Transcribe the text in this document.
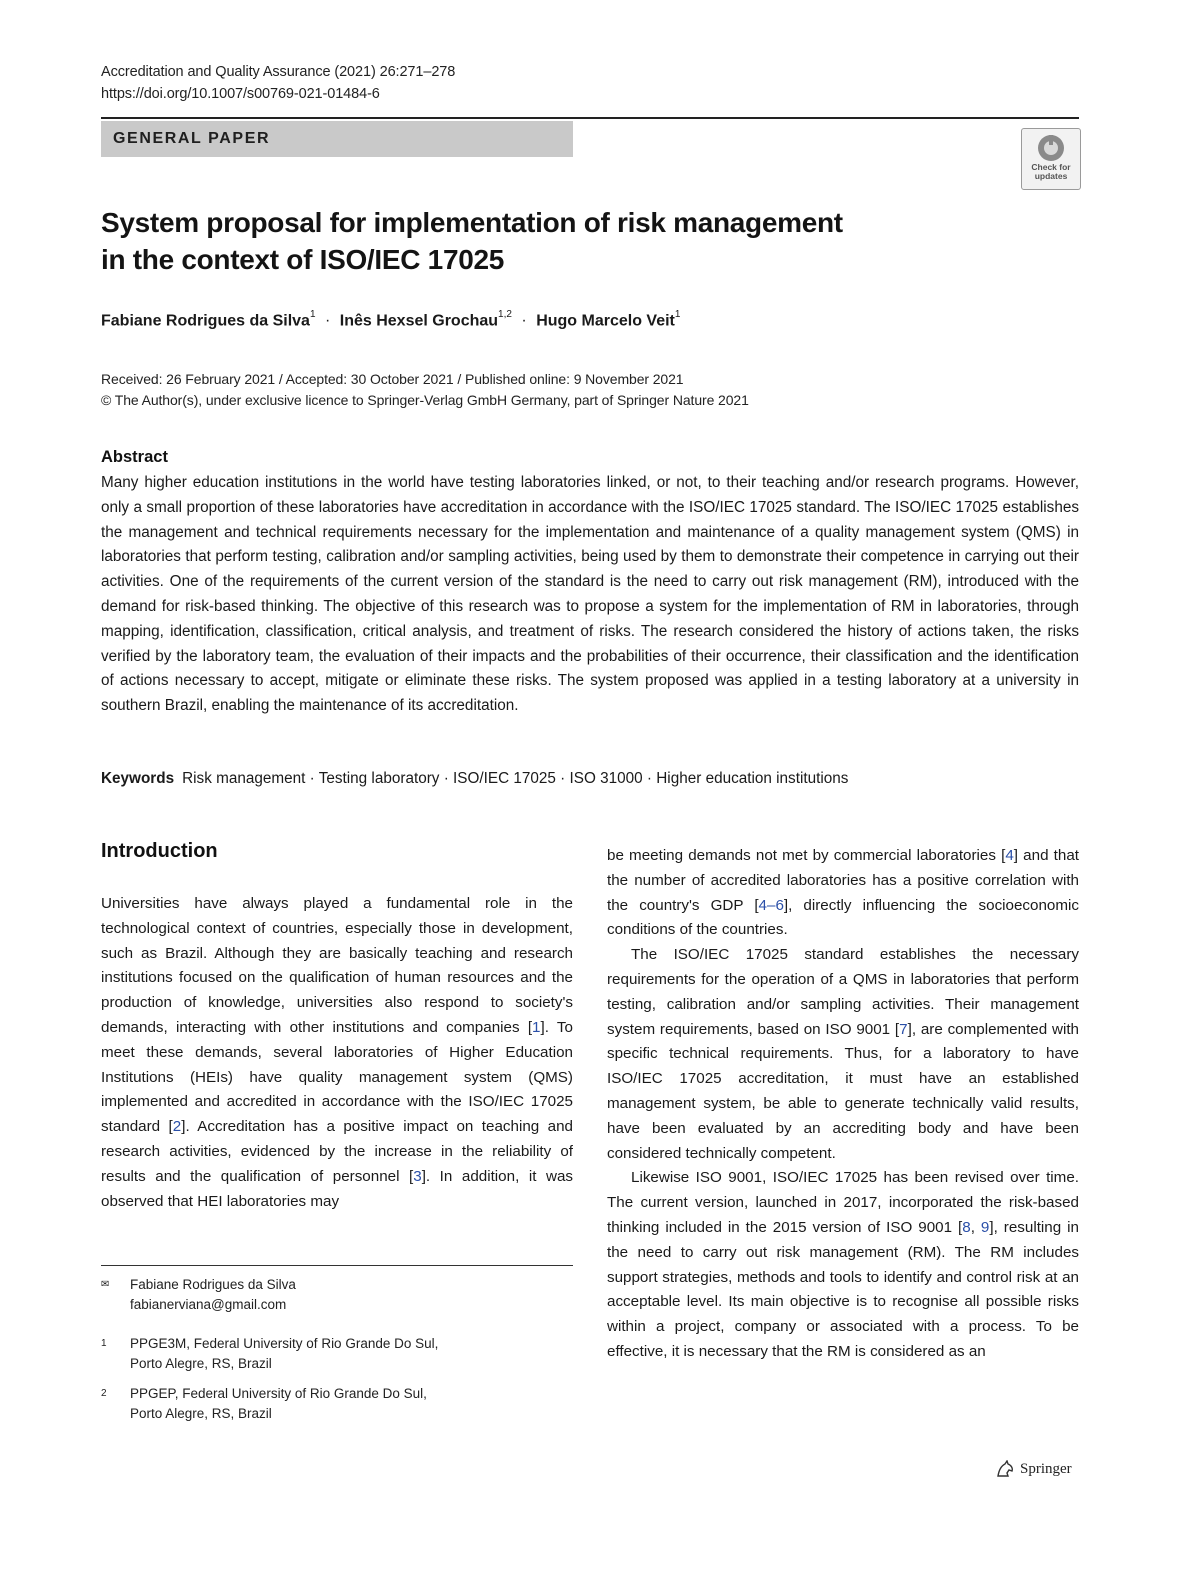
Accreditation and Quality Assurance (2021) 26:271–278
https://doi.org/10.1007/s00769-021-01484-6
GENERAL PAPER
Check for updates
System proposal for implementation of risk management in the context of ISO/IEC 17025
Fabiane Rodrigues da Silva$^1$ · Inês Hexsel Grochau$^{1,2}$ · Hugo Marcelo Veit$^1$
Received: 26 February 2021 / Accepted: 30 October 2021 / Published online: 9 November 2021
© The Author(s), under exclusive licence to Springer-Verlag GmbH Germany, part of Springer Nature 2021
Abstract

Many higher education institutions in the world have testing laboratories linked, or not, to their teaching and/or research programs. However, only a small proportion of these laboratories have accreditation in accordance with the ISO/IEC 17025 standard. The ISO/IEC 17025 establishes the management and technical requirements necessary for the implementation and maintenance of a quality management system (QMS) in laboratories that perform testing, calibration and/or sampling activities, being used by them to demonstrate their competence in carrying out their activities. One of the requirements of the current version of the standard is the need to carry out risk management (RM), introduced with the demand for risk-based thinking. The objective of this research was to propose a system for the implementation of RM in laboratories, through mapping, identification, classification, critical analysis, and treatment of risks. The research considered the history of actions taken, the risks verified by the laboratory team, the evaluation of their impacts and the probabilities of their occurrence, their classification and the identification of actions necessary to accept, mitigate or eliminate these risks. The system proposed was applied in a testing laboratory at a university in southern Brazil, enabling the maintenance of its accreditation.

Keywords Risk management · Testing laboratory · ISO/IEC 17025 · ISO 31000 · Higher education institutions
Introduction

Universities have always played a fundamental role in the technological context of countries, especially those in development, such as Brazil. Although they are basically teaching and research institutions focused on the qualification of human resources and the production of knowledge, universities also respond to society's demands, interacting with other institutions and companies [1]. To meet these demands, several laboratories of Higher Education Institutions (HEIs) have quality management system (QMS) implemented and accredited in accordance with the ISO/IEC 17025 standard [2]. Accreditation has a positive impact on teaching and research activities, evidenced by the increase in the reliability of results and the qualification of personnel [3]. In addition, it was observed that HEI laboratories may

be meeting demands not met by commercial laboratories [4] and that the number of accredited laboratories has a positive correlation with the country's GDP [4–6], directly influencing the socioeconomic conditions of the countries.

The ISO/IEC 17025 standard establishes the necessary requirements for the operation of a QMS in laboratories that perform testing, calibration and/or sampling activities. Their management system requirements, based on ISO 9001 [7], are complemented with specific technical requirements. Thus, for a laboratory to have ISO/IEC 17025 accreditation, it must have an established management system, be able to generate technically valid results, have been evaluated by an accrediting body and have been considered technically competent.

Likewise ISO 9001, ISO/IEC 17025 has been revised over time. The current version, launched in 2017, incorporated the risk-based thinking included in the 2015 version of ISO 9001 [8, 9], resulting in the need to carry out risk management (RM). The RM includes support strategies, methods and tools to identify and control risk at an acceptable level. Its main objective is to recognise all possible risks within a project, company or associated with a process. To be effective, it is necessary that the RM is considered as an

✉ Fabiane Rodrigues da Silva
fabianerviana@gmail.com
1 PPGE3M, Federal University of Rio Grande Do Sul,
Porto Alegre, RS, Brazil
2 PPGEP, Federal University of Rio Grande Do Sul,
Porto Alegre, RS, Brazil
Springer
